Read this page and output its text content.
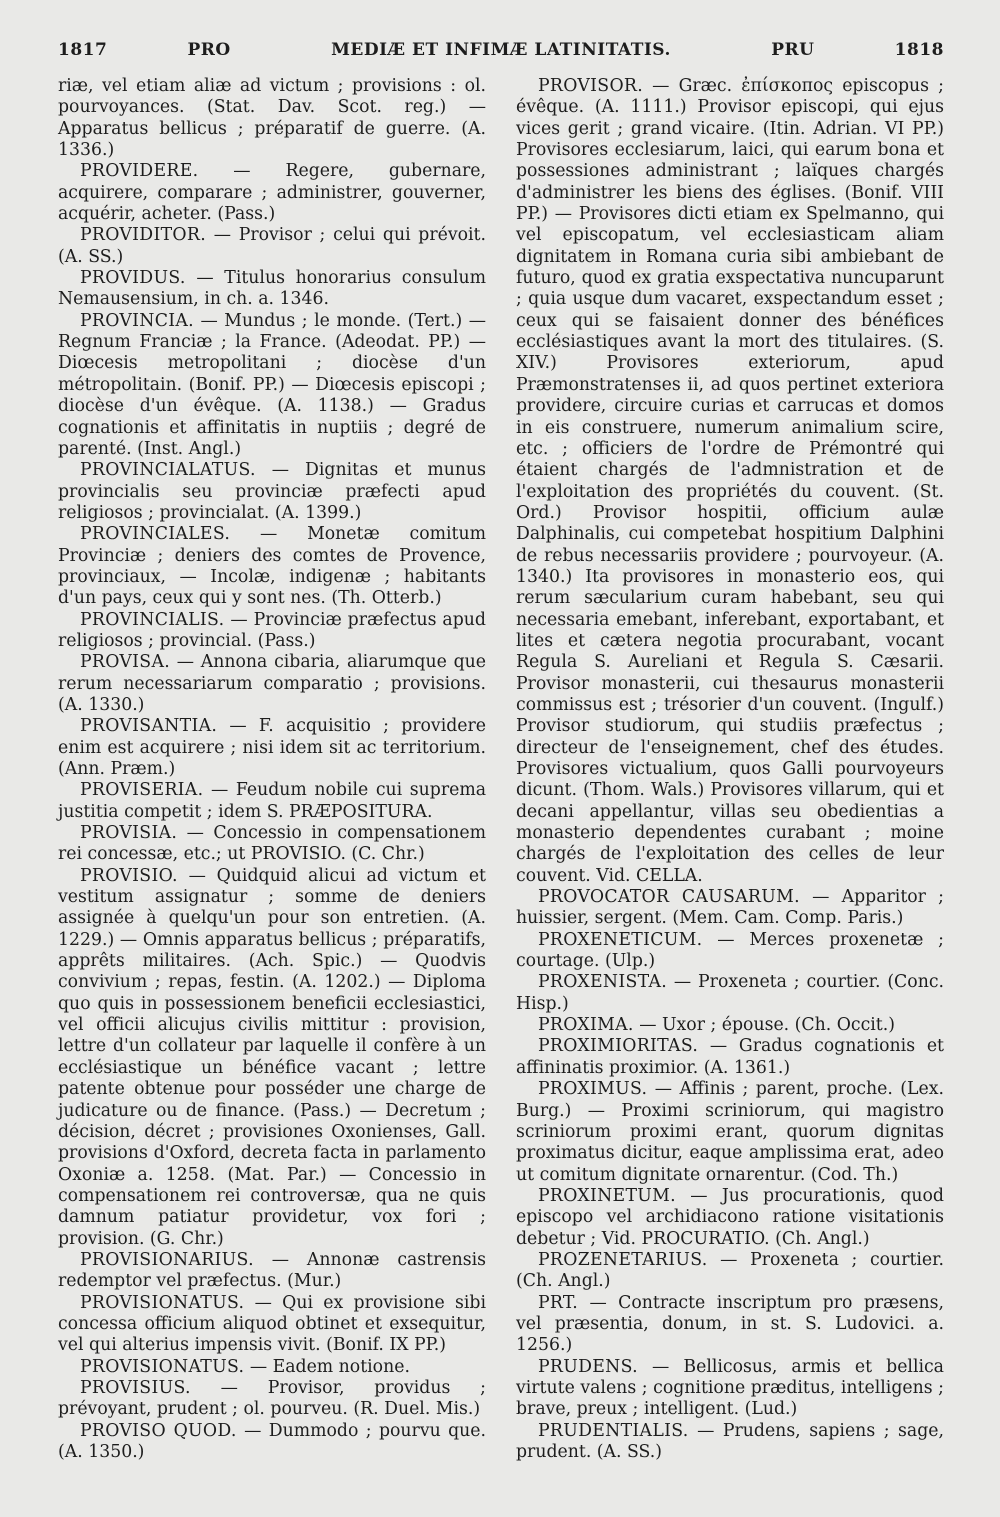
1817	PRO	MEDIÆ ET INFIMÆ LATINITATIS.	PRU	1818

riæ, vel etiam aliæ ad victum ; provisions : ol. pourvoyances. (Stat. Dav. Scot. reg.) — Apparatus bellicus ; préparatif de guerre. (A. 1336.)

PROVIDERE. — Regere, gubernare, acquirere, comparare ; administrer, gouverner, acquérir, acheter. (Pass.)

PROVIDITOR. — Provisor ; celui qui prévoit. (A. SS.)

PROVIDUS. — Titulus honorarius consulum Nemausensium, in ch. a. 1346.

PROVINCIA. — Mundus ; le monde. (Tert.) — Regnum Franciæ ; la France. (Adeodat. PP.) — Diœcesis metropolitani ; diocèse d'un métropolitain. (Bonif. PP.) — Diœcesis episcopi ; diocèse d'un évêque. (A. 1138.) — Gradus cognationis et affinitatis in nuptiis ; degré de parenté. (Inst. Angl.)

PROVINCIALATUS. — Dignitas et munus provincialis seu provinciæ præfecti apud religiosos ; provincialat. (A. 1399.)

PROVINCIALES. — Monetæ comitum Provinciæ ; deniers des comtes de Provence, provinciaux, — Incolæ, indigenæ ; habitants d'un pays, ceux qui y sont nes. (Th. Otterb.)

PROVINCIALIS. — Provinciæ præfectus apud religiosos ; provincial. (Pass.)

PROVISA. — Annona cibaria, aliarumque que rerum necessariarum comparatio ; provisions. (A. 1330.)

PROVISANTIA. — F. acquisitio ; providere enim est acquirere ; nisi idem sit ac territorium. (Ann. Præm.)

PROVISERIA. — Feudum nobile cui suprema justitia competit ; idem S. PRÆPOSITURA.

PROVISIA. — Concessio in compensationem rei concessæ, etc.; ut PROVISIO. (C. Chr.)

PROVISIO. — Quidquid alicui ad victum et vestitum assignatur ; somme de deniers assignée à quelqu'un pour son entretien. (A. 1229.) — Omnis apparatus bellicus ; préparatifs, apprêts militaires. (Ach. Spic.) — Quodvis convivium ; repas, festin. (A. 1202.) — Diploma quo quis in possessionem beneficii ecclesiastici, vel officii alicujus civilis mittitur : provision, lettre d'un collateur par laquelle il confère à un ecclésiastique un bénéfice vacant ; lettre patente obtenue pour posséder une charge de judicature ou de finance. (Pass.) — Decretum ; décision, décret ; provisiones Oxonienses, Gall. provisions d'Oxford, decreta facta in parlamento Oxoniæ a. 1258. (Mat. Par.) — Concessio in compensationem rei controversæ, qua ne quis damnum patiatur providetur, vox fori ; provision. (G. Chr.)

PROVISIONARIUS. — Annonæ castrensis redemptor vel præfectus. (Mur.)

PROVISIONATUS. — Qui ex provisione sibi concessa officium aliquod obtinet et exsequitur, vel qui alterius impensis vivit. (Bonif. IX PP.)

PROVISIONATUS. — Eadem notione.

PROVISIUS. — Provisor, providus ; prévoyant, prudent ; ol. pourveu. (R. Duel. Mis.)

PROVISO QUOD. — Dummodo ; pourvu que. (A. 1350.)

PROVISOR. — Græc. ἐπίσκοπος episcopus ; évêque. (A. 1111.) Provisor episcopi, qui ejus vices gerit ; grand vicaire. (Itin. Adrian. VI PP.) Provisores ecclesiarum, laici, qui earum bona et possessiones administrant ; laïques chargés d'administrer les biens des églises. (Bonif. VIII PP.) — Provisores dicti etiam ex Spelmanno, qui vel episcopatum, vel ecclesiasticam aliam dignitatem in Romana curia sibi ambiebant de futuro, quod ex gratia exspectativa nuncuparunt ; quia usque dum vacaret, exspectandum esset ; ceux qui se faisaient donner des bénéfices ecclésiastiques avant la mort des titulaires. (S. XIV.) Provisores exteriorum, apud Præmonstratenses ii, ad quos pertinet exteriora providere, circuire curias et carrucas et domos in eis construere, numerum animalium scire, etc. ; officiers de l'ordre de Prémontré qui étaient chargés de l'admnistration et de l'exploitation des propriétés du couvent. (St. Ord.) Provisor hospitii, officium aulæ Dalphinalis, cui competebat hospitium Dalphini de rebus necessariis providere ; pourvoyeur. (A. 1340.) Ita provisores in monasterio eos, qui rerum sæcularium curam habebant, seu qui necessaria emebant, inferebant, exportabant, et lites et cætera negotia procurabant, vocant Regula S. Aureliani et Regula S. Cæsarii. Provisor monasterii, cui thesaurus monasterii commissus est ; trésorier d'un couvent. (Ingulf.) Provisor studiorum, qui studiis præfectus ; directeur de l'enseignement, chef des études. Provisores victualium, quos Galli pourvoyeurs dicunt. (Thom. Wals.) Provisores villarum, qui et decani appellantur, villas seu obedientias a monasterio dependentes curabant ; moine chargés de l'exploitation des celles de leur couvent. Vid. CELLA.

PROVOCATOR CAUSARUM. — Apparitor ; huissier, sergent. (Mem. Cam. Comp. Paris.)

PROXENETICUM. — Merces proxenetæ ; courtage. (Ulp.)

PROXENISTA. — Proxeneta ; courtier. (Conc. Hisp.)

PROXIMA. — Uxor ; épouse. (Ch. Occit.)

PROXIMIORITAS. — Gradus cognationis et affininatis proximior. (A. 1361.)

PROXIMUS. — Affinis ; parent, proche. (Lex. Burg.) — Proximi scriniorum, qui magistro scriniorum proximi erant, quorum dignitas proximatus dicitur, eaque amplissima erat, adeo ut comitum dignitate ornarentur. (Cod. Th.)

PROXINETUM. — Jus procurationis, quod episcopo vel archidiacono ratione visitationis debetur ; Vid. PROCURATIO. (Ch. Angl.)

PROZENETARIUS. — Proxeneta ; courtier. (Ch. Angl.)

PRT. — Contracte inscriptum pro præsens, vel præsentia, donum, in st. S. Ludovici. a. 1256.)

PRUDENS. — Bellicosus, armis et bellica virtute valens ; cognitione præditus, intelligens ; brave, preux ; intelligent. (Lud.)

PRUDENTIALIS. — Prudens, sapiens ; sage, prudent. (A. SS.)
